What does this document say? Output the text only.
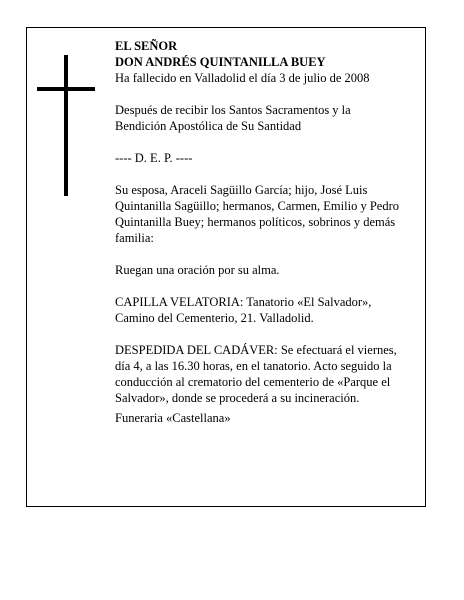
EL SEÑOR

DON ANDRÉS QUINTANILLA BUEY

Ha fallecido en Valladolid el día 3 de julio de 2008

Después de recibir los Santos Sacramentos y la Bendición Apostólica de Su Santidad

---- D. E. P. ----

Su esposa, Araceli Sagüillo García; hijo, José Luis Quintanilla Sagüillo; hermanos, Carmen, Emilio y Pedro Quintanilla Buey; hermanos políticos, sobrinos y demás familia:

Ruegan una oración por su alma.

CAPILLA VELATORIA: Tanatorio «El Salvador», Camino del Cementerio, 21. Valladolid.

DESPEDIDA DEL CADÁVER: Se efectuará el viernes, día 4, a las 16.30 horas, en el tanatorio. Acto seguido la conducción al crematorio del cementerio de «Parque el Salvador», donde se procederá a su incineración.

Funeraria «Castellana»
